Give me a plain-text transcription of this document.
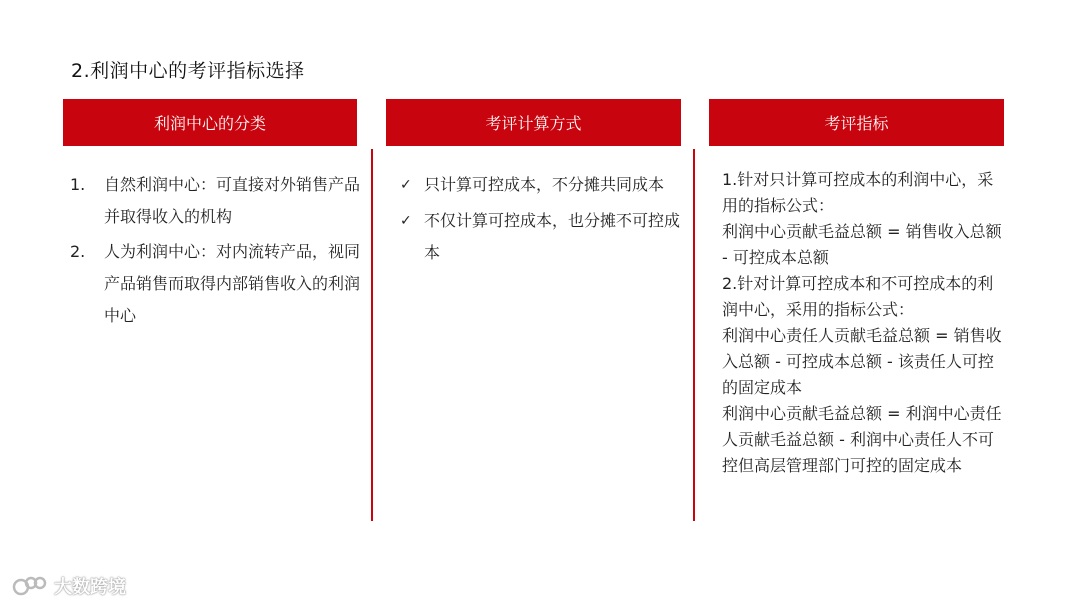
2.利润中心的考评指标选择
利润中心的分类	考评计算方式	考评指标
1. 自然利润中心：可直接对外销售产品并取得收入的机构
2. 人为利润中心：对内流转产品，视同产品销售而取得内部销售收入的利润中心
✓ 只计算可控成本，不分摊共同成本
✓ 不仅计算可控成本，也分摊不可控成本

1.针对只计算可控成本的利润中心，采用的指标公式：

利润中心贡献毛益总额 = 销售收入总额 - 可控成本总额

2.针对计算可控成本和不可控成本的利润中心，采用的指标公式：

利润中心责任人贡献毛益总额 = 销售收入总额 - 可控成本总额 - 该责任人可控的固定成本

利润中心贡献毛益总额 = 利润中心责任人贡献毛益总额 - 利润中心责任人不可控但高层管理部门可控的固定成本

大数跨境
